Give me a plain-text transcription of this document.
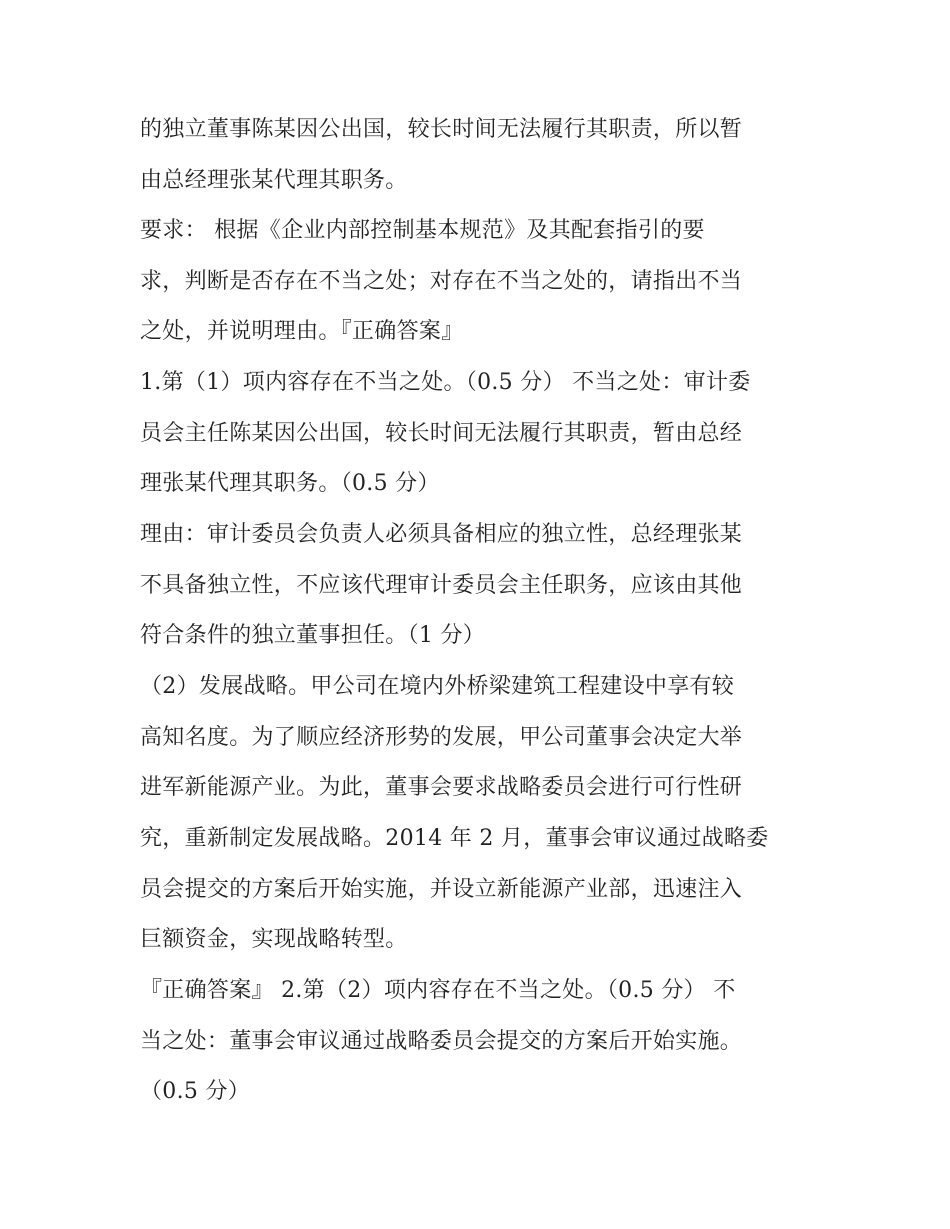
的独立董事陈某因公出国，较长时间无法履行其职责，所以暂
由总经理张某代理其职务。
要求： 根据《企业内部控制基本规范》及其配套指引的要
求，判断是否存在不当之处；对存在不当之处的，请指出不当
之处，并说明理由。『正确答案』
1.第（1）项内容存在不当之处。（0.5 分） 不当之处：审计委
员会主任陈某因公出国，较长时间无法履行其职责，暂由总经
理张某代理其职务。（0.5 分）
理由：审计委员会负责人必须具备相应的独立性，总经理张某
不具备独立性，不应该代理审计委员会主任职务，应该由其他
符合条件的独立董事担任。（1 分）
（2）发展战略。甲公司在境内外桥梁建筑工程建设中享有较
高知名度。为了顺应经济形势的发展，甲公司董事会决定大举
进军新能源产业。为此，董事会要求战略委员会进行可行性研
究，重新制定发展战略。2014 年 2 月，董事会审议通过战略委
员会提交的方案后开始实施，并设立新能源产业部，迅速注入
巨额资金，实现战略转型。
『正确答案』 2.第（2）项内容存在不当之处。（0.5 分） 不
当之处：董事会审议通过战略委员会提交的方案后开始实施。
（0.5 分）
